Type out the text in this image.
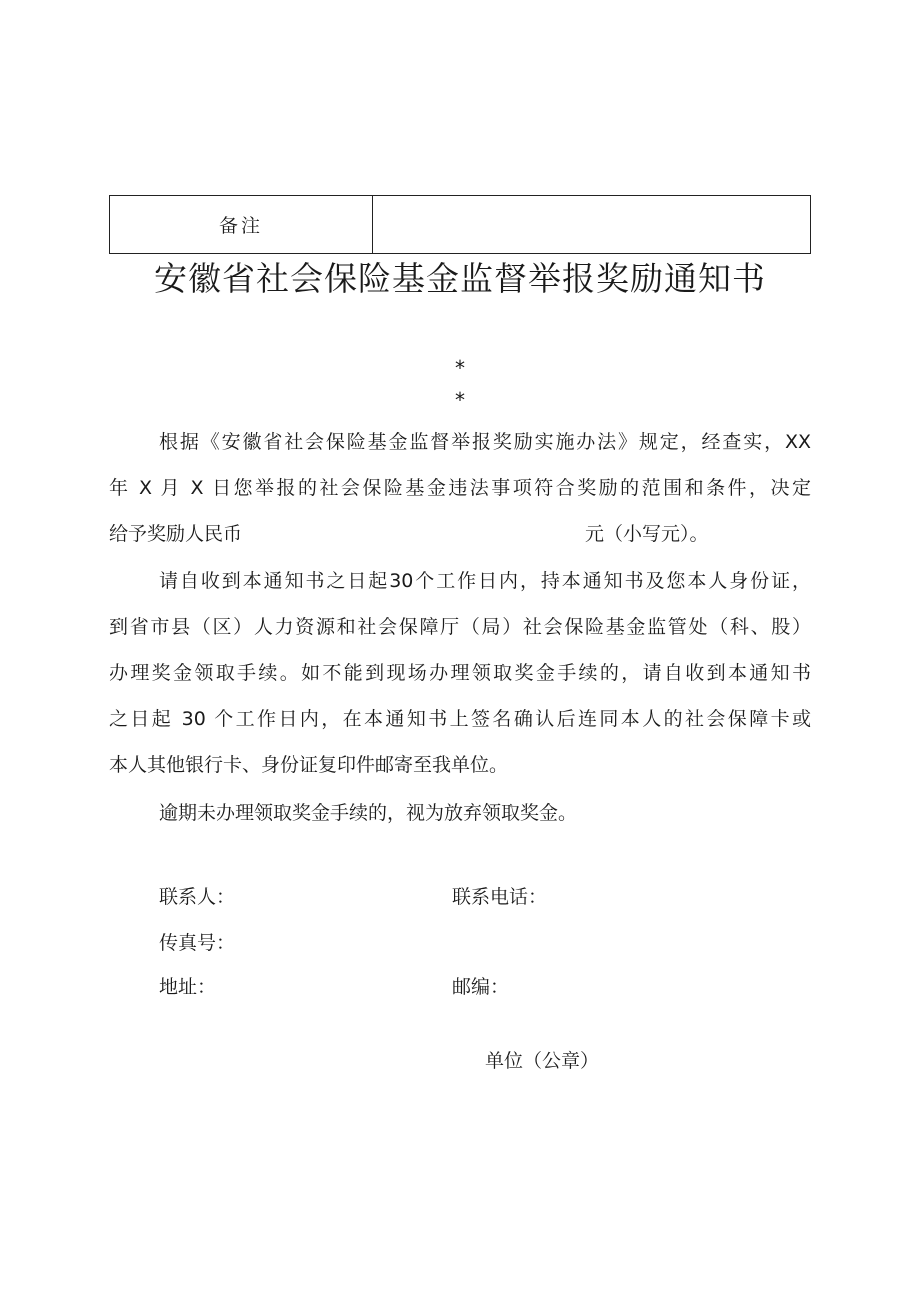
备注
安徽省社会保险基金监督举报奖励通知书
*
*
根据《安徽省社会保险基金监督举报奖励实施办法》规定，经查实，XX
年 X 月 X 日您举报的社会保险基金违法事项符合奖励的范围和条件，决定
给予奖励人民币	元（小写元）。
请自收到本通知书之日起30个工作日内，持本通知书及您本人身份证，
到省市县（区）人力资源和社会保障厅（局）社会保险基金监管处（科、股）
办理奖金领取手续。如不能到现场办理领取奖金手续的，请自收到本通知书
之日起 30 个工作日内，在本通知书上签名确认后连同本人的社会保障卡或
本人其他银行卡、身份证复印件邮寄至我单位。
逾期未办理领取奖金手续的，视为放弃领取奖金。
联系人：	联系电话：
传真号：
地址：	邮编：
单位（公章）
